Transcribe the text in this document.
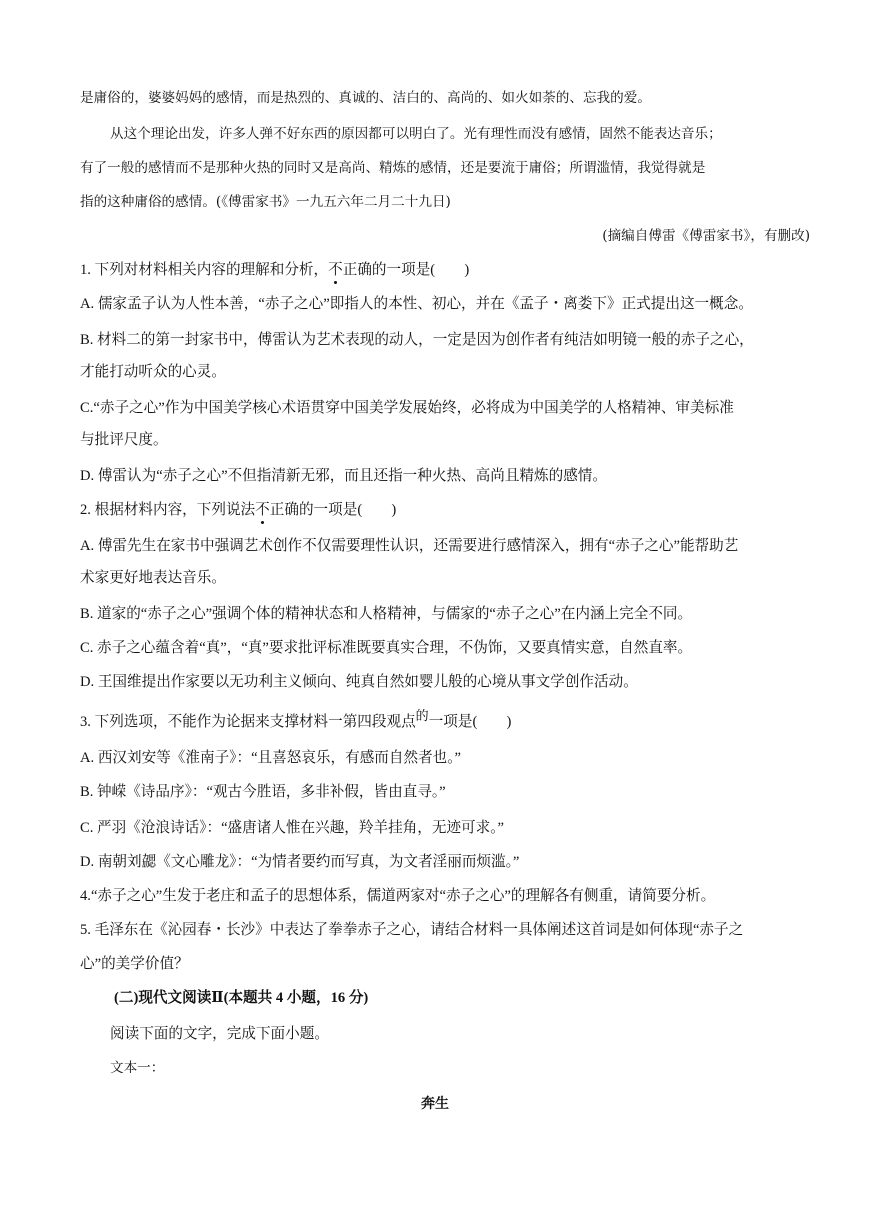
是庸俗的，婆婆妈妈的感情，而是热烈的、真诚的、洁白的、高尚的、如火如荼的、忘我的爱。
从这个理论出发，许多人弹不好东西的原因都可以明白了。光有理性而没有感情，固然不能表达音乐；
有了一般的感情而不是那种火热的同时又是高尚、精炼的感情，还是要流于庸俗；所谓滥情，我觉得就是
指的这种庸俗的感情。(《傅雷家书》一九五六年二月二十九日)
(摘编自傅雷《傅雷家书》，有删改)
1. 下列对材料相关内容的理解和分析，不正确的一项是(　　)
A. 儒家孟子认为人性本善，“赤子之心”即指人的本性、初心，并在《孟子・离娄下》正式提出这一概念。
B. 材料二的第一封家书中，傅雷认为艺术表现的动人，一定是因为创作者有纯洁如明镜一般的赤子之心，
才能打动听众的心灵。
C.“赤子之心”作为中国美学核心术语贯穿中国美学发展始终，必将成为中国美学的人格精神、审美标准
与批评尺度。
D. 傅雷认为“赤子之心”不但指清新无邪，而且还指一种火热、高尚且精炼的感情。
2. 根据材料内容，下列说法不正确的一项是(　　)
A. 傅雷先生在家书中强调艺术创作不仅需要理性认识，还需要进行感情深入，拥有“赤子之心”能帮助艺
术家更好地表达音乐。
B. 道家的“赤子之心”强调个体的精神状态和人格精神，与儒家的“赤子之心”在内涵上完全不同。
C. 赤子之心蕴含着“真”，“真”要求批评标准既要真实合理，不伪饰，又要真情实意，自然直率。
D. 王国维提出作家要以无功利主义倾向、纯真自然如婴儿般的心境从事文学创作活动。
3. 下列选项，不能作为论据来支撑材料一第四段观点的一项是(　　)
A. 西汉刘安等《淮南子》：“且喜怒哀乐，有感而自然者也。”
B. 钟嵘《诗品序》：“观古今胜语，多非补假，皆由直寻。”
C. 严羽《沧浪诗话》：“盛唐诸人惟在兴趣，羚羊挂角，无迹可求。”
D. 南朝刘勰《文心雕龙》：“为情者要约而写真，为文者淫丽而烦滥。”
4.“赤子之心”生发于老庄和孟子的思想体系，儒道两家对“赤子之心”的理解各有侧重，请简要分析。
5. 毛泽东在《沁园春・长沙》中表达了拳拳赤子之心，请结合材料一具体阐述这首词是如何体现“赤子之
心”的美学价值？
(二)现代文阅读Ⅱ(本题共 4 小题，16 分)
阅读下面的文字，完成下面小题。
文本一：
奔生
